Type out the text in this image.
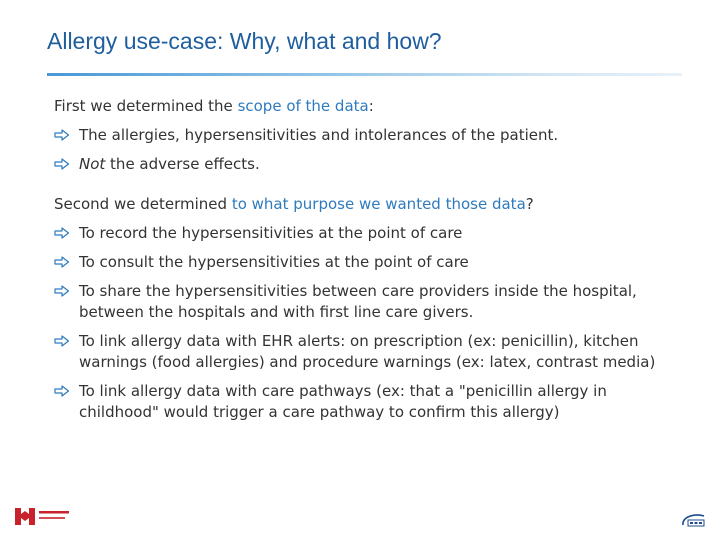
Allergy use-case: Why, what and how?

First we determined the scope of the data:

The allergies, hypersensitivities and intolerances of the patient.
Not the adverse effects.

Second we determined to what purpose we wanted those data?

To record the hypersensitivities at the point of care
To consult the hypersensitivities at the point of care
To share the hypersensitivities between care providers inside the hospital, between the hospitals and with first line care givers.
To link allergy data with EHR alerts: on prescription (ex: penicillin), kitchen warnings (food allergies) and procedure warnings (ex: latex, contrast media)
To link allergy data with care pathways (ex: that a "penicillin allergy in childhood" would trigger a care pathway to confirm this allergy)
